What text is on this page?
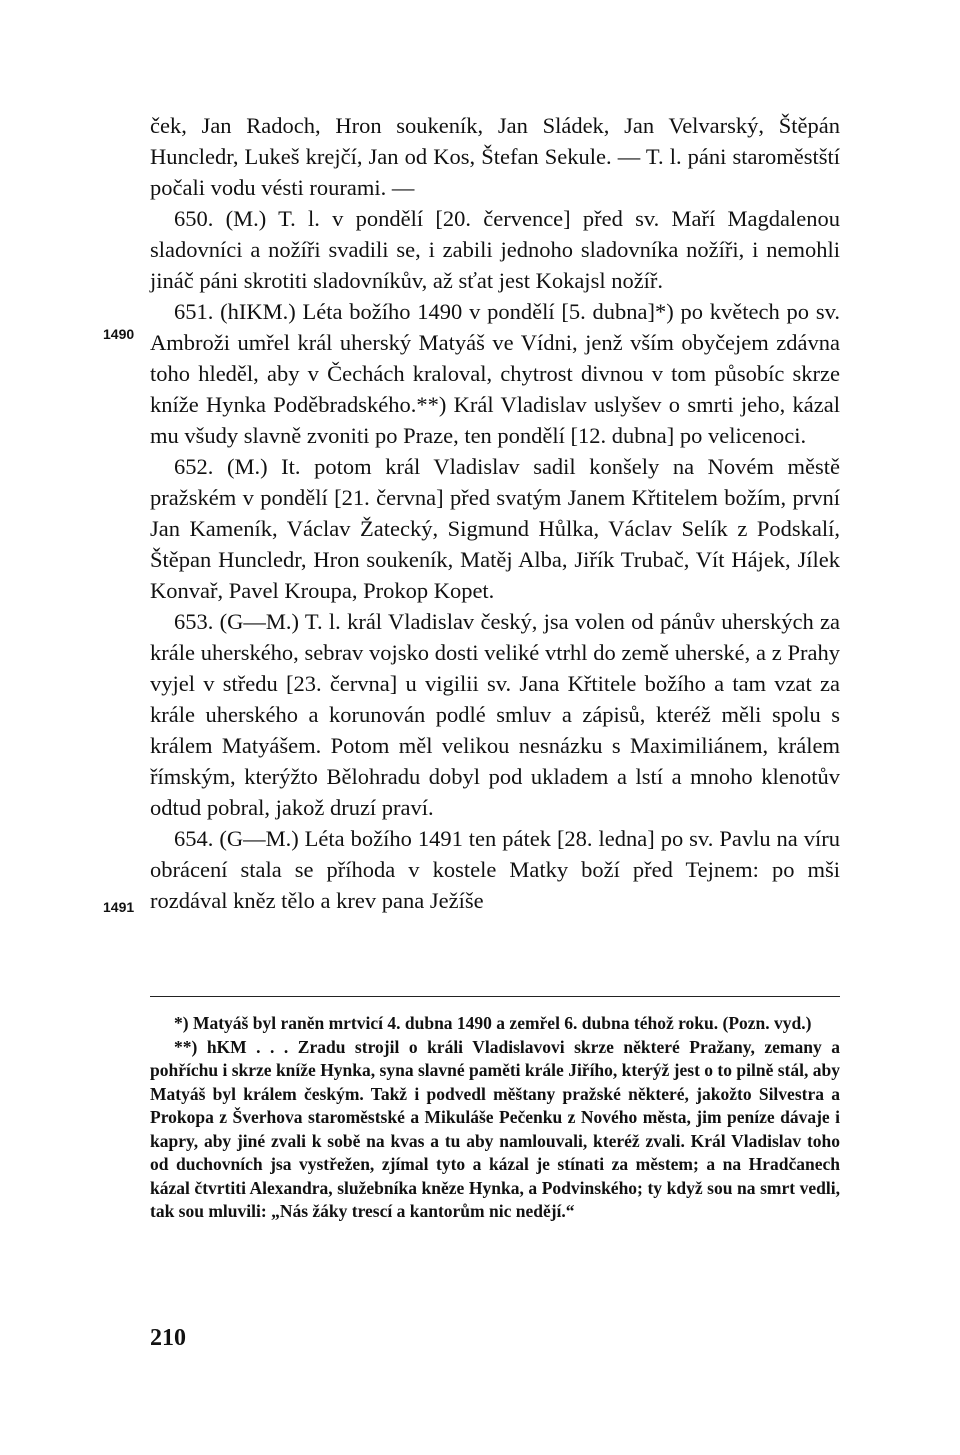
ček, Jan Radoch, Hron soukeník, Jan Sládek, Jan Velvarský, Štěpán Huncledr, Lukeš krejčí, Jan od Kos, Štefan Sekule. — T. l. páni staroměstští počali vodu vésti rourami. —

650. (M.) T. l. v pondělí [20. července] před sv. Maří Magdalenou sladovníci a nožíři svadili se, i zabili jednoho sladovníka nožíři, i nemohli jináč páni skrotiti sladovníkův, až sťat jest Kokajsl nožíř.

651. (hIKM.) Léta božího 1490 v pondělí [5. dubna]*) po květech po sv. Ambroži umřel král uherský Matyáš ve Vídni, jenž vším obyčejem zdávna toho hleděl, aby v Čechách kraloval, chytrost divnou v tom působíc skrze kníže Hynka Poděbradského.**) Král Vladislav uslyšev o smrti jeho, kázal mu všudy slavně zvoniti po Praze, ten pondělí [12. dubna] po velicenoci.

652. (M.) It. potom král Vladislav sadil konšely na Novém městě pražském v pondělí [21. června] před svatým Janem Křtitelem božím, první Jan Kameník, Václav Žatecký, Sigmund Hůlka, Václav Selík z Podskalí, Štěpan Huncledr, Hron soukeník, Matěj Alba, Jiřík Trubač, Vít Hájek, Jílek Konvař, Pavel Kroupa, Prokop Kopet.

653. (G—M.) T. l. král Vladislav český, jsa volen od pánův uherských za krále uherského, sebrav vojsko dosti veliké vtrhl do země uherské, a z Prahy vyjel v středu [23. června] u vigilii sv. Jana Křtitele božího a tam vzat za krále uherského a korunován podlé smluv a zápisů, kteréž měli spolu s králem Matyášem. Potom měl velikou nesnázku s Maximiliánem, králem římským, kterýžto Bělohradu dobyl pod ukladem a lstí a mnoho klenotův odtud pobral, jakož druzí praví.

654. (G—M.) Léta božího 1491 ten pátek [28. ledna] po sv. Pavlu na víru obrácení stala se příhoda v kostele Matky boží před Tejnem: po mši rozdával kněz tělo a krev pana Ježíše

1490
1491

*) Matyáš byl raněn mrtvicí 4. dubna 1490 a zemřel 6. dubna téhož roku. (Pozn. vyd.)

**) hKM . . . Zradu strojil o králi Vladislavovi skrze některé Pražany, zemany a pohříchu i skrze kníže Hynka, syna slavné paměti krále Jiřího, kterýž jest o to pilně stál, aby Matyáš byl králem českým. Takž i podvedl měštany pražské některé, jakožto Silvestra a Prokopa z Šverhova staroměstské a Mikuláše Pečenku z Nového města, jim peníze dávaje i kapry, aby jiné zvali k sobě na kvas a tu aby namlouvali, kteréž zvali. Král Vladislav toho od duchovních jsa vystřežen, zjímal tyto a kázal je stínati za městem; a na Hradčanech kázal čtvrtiti Alexandra, služebníka kněze Hynka, a Podvinského; ty když sou na smrt vedli, tak sou mluvili: „Nás žáky trescí a kantorům nic nedějí.“

210
